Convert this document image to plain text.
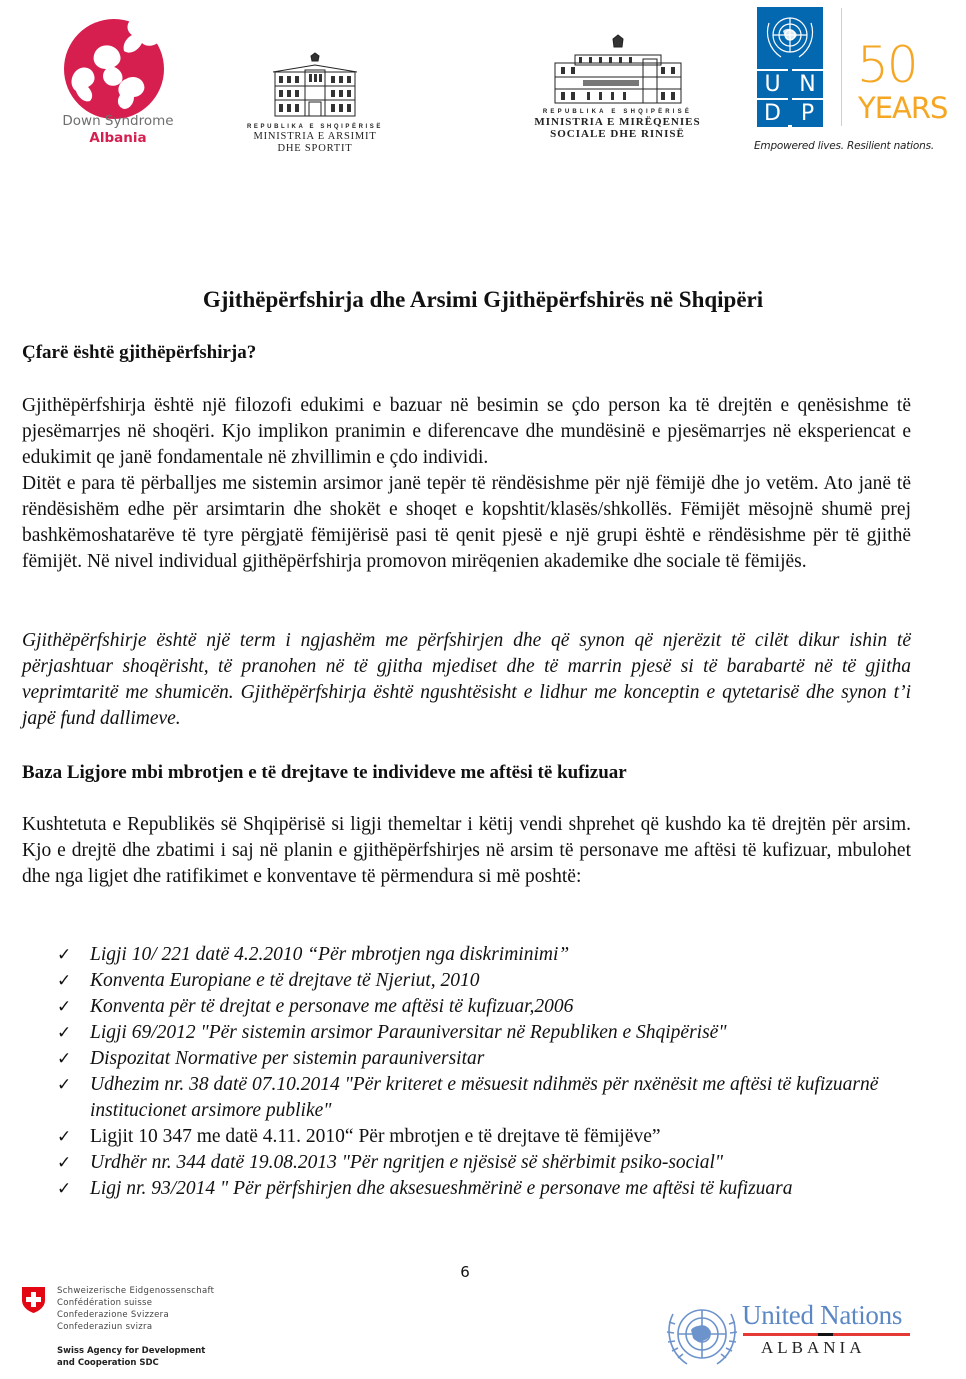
Down Syndrome
Albania
REPUBLIKA E SHQIPËRISË
MINISTRIA E ARSIMIT
DHE SPORTIT
REPUBLIKA E SHQIPËRISË
MINISTRIA E MIRËQENIES
SOCIALE DHE RINISË
U N
D P
50
YEARS
Empowered lives. Resilient nations.
Gjithëpërfshirja dhe Arsimi Gjithëpërfshirës në Shqipëri
Çfarë është gjithëpërfshirja?

Gjithëpërfshirja është një filozofi edukimi e bazuar në besimin se çdo person ka të drejtën e qenësishme të pjesëmarrjes në shoqëri. Kjo implikon pranimin e diferencave dhe mundësinë e pjesëmarrjes në eksperiencat e edukimit qe janë fondamentale në zhvillimin e çdo individi.

Ditët e para të përballjes me sistemin arsimor janë tepër të rëndësishme për një fëmijë dhe jo vetëm. Ato janë të rëndësishëm edhe për arsimtarin dhe shokët e shoqet e kopshtit/klasës/shkollës. Fëmijët mësojnë shumë prej bashkëmoshatarëve të tyre përgjatë fëmijërisë pasi të qenit pjesë e një grupi është e rëndësishme për të gjithë fëmijët. Në nivel individual gjithëpërfshirja promovon mirëqenien akademike dhe sociale të fëmijës.

Gjithëpërfshirje është një term i ngjashëm me përfshirjen dhe që synon që njerëzit të cilët dikur ishin të përjashtuar shoqërisht, të pranohen në të gjitha mjediset dhe të marrin pjesë si të barabartë në të gjitha veprimtaritë me shumicën. Gjithëpërfshirja është ngushtësisht e lidhur me konceptin e qytetarisë dhe synon t’i japë fund dallimeve.
Baza Ligjore mbi mbrotjen e të drejtave te individeve me aftësi të kufizuar
Kushtetuta e Republikës së Shqipërisë si ligji themeltar i këtij vendi shprehet që kushdo ka të drejtën për arsim. Kjo e drejtë dhe zbatimi i saj në planin e gjithëpërfshirjes në arsim të personave me aftësi të kufizuar, mbulohet dhe nga ligjet dhe ratifikimet e konventave të përmendura si më poshtë:
✓ Ligji 10/ 221 datë 4.2.2010 “Për mbrotjen nga diskriminimi”
✓ Konventa Europiane e të drejtave të Njeriut, 2010
✓ Konventa për të drejtat e personave me aftësi të kufizuar,2006
✓ Ligji 69/2012 "Për sistemin arsimor Parauniversitar në Republiken e Shqipërisë"
✓ Dispozitat Normative per sistemin parauniversitar
✓ Udhezim nr. 38 datë 07.10.2014 "Për kriteret e mësuesit ndihmës për nxënësit me aftësi të kufizuarnë institucionet arsimore publike"
✓ Ligjit 10 347 me datë 4.11. 2010“ Për mbrotjen e të drejtave të fëmijëve”
✓ Urdhër nr. 344 datë 19.08.2013 "Për ngritjen e njësisë së shërbimit psiko-social"
✓ Ligj nr. 93/2014 " Për përfshirjen dhe aksesueshmërinë e personave me aftësi të kufizuara
6
Schweizerische Eidgenossenschaft
Confédération suisse
Confederazione Svizzera
Confederaziun svizra
Swiss Agency for Development
and Cooperation SDC
United Nations
ALBANIA
